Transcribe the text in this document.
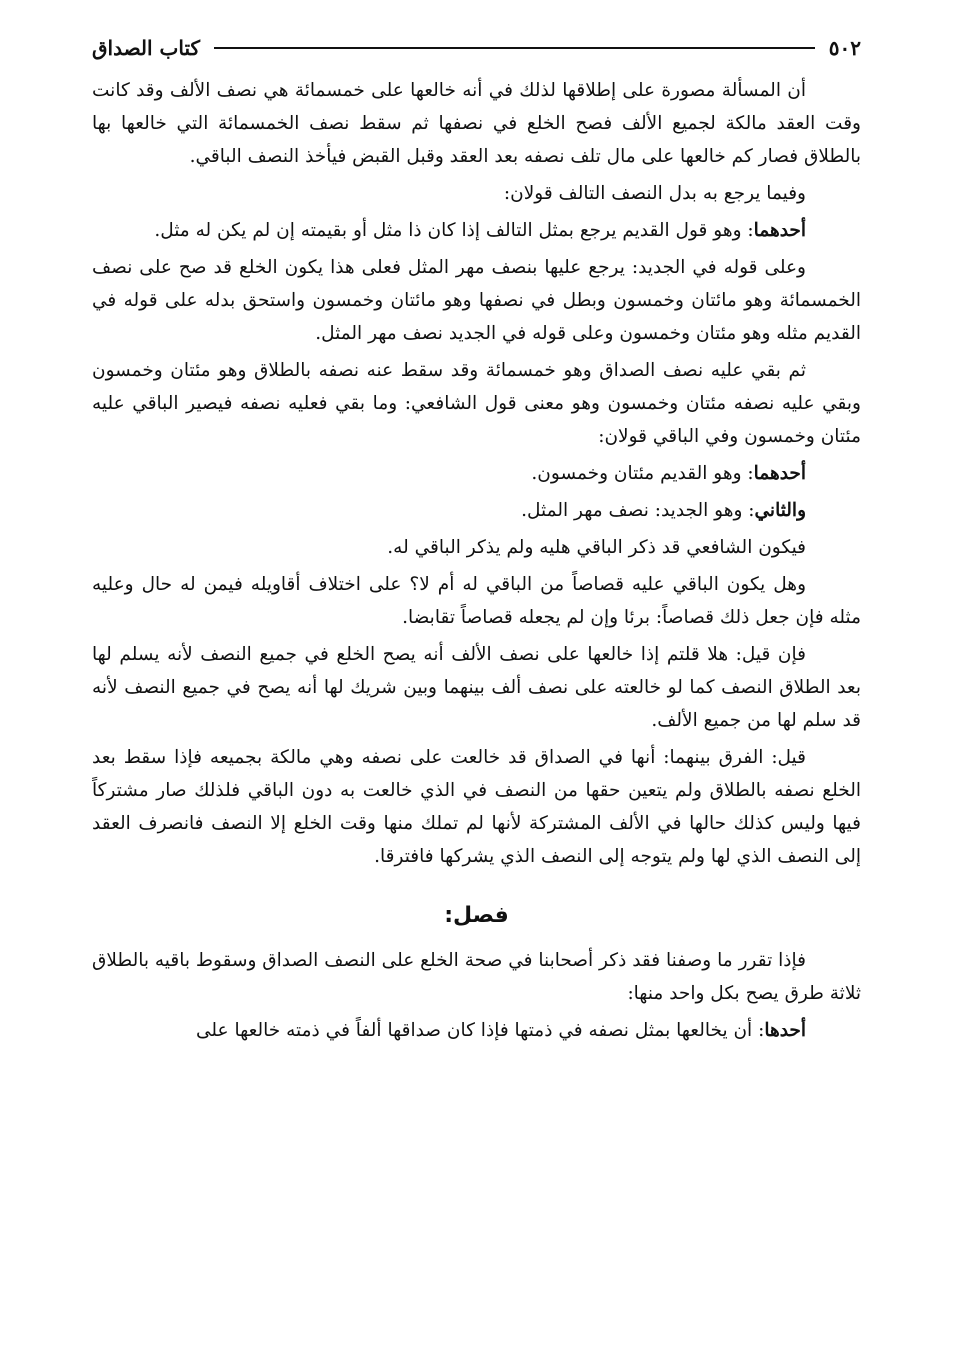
٥٠٢
كتاب الصداق

أن المسألة مصورة على إطلاقها لذلك في أنه خالعها على خمسمائة هي نصف الألف وقد كانت وقت العقد مالكة لجميع الألف فصح الخلع في نصفها ثم سقط نصف الخمسمائة التي خالعها بها بالطلاق فصار كم خالعها على مال تلف نصفه بعد العقد وقبل القبض فيأخذ النصف الباقي.

وفيما يرجع به بدل النصف التالف قولان:

أحدهما: وهو قول القديم يرجع بمثل التالف إذا كان ذا مثل أو بقيمته إن لم يكن له مثل.

وعلى قوله في الجديد: يرجع عليها بنصف مهر المثل فعلى هذا يكون الخلع قد صح على نصف الخمسمائة وهو مائتان وخمسون وبطل في نصفها وهو مائتان وخمسون واستحق بدله على قوله في القديم مثله وهو مئتان وخمسون وعلى قوله في الجديد نصف مهر المثل.

ثم بقي عليه نصف الصداق وهو خمسمائة وقد سقط عنه نصفه بالطلاق وهو مئتان وخمسون وبقي عليه نصفه مئتان وخمسون وهو معنى قول الشافعي: وما بقي فعليه نصفه فيصير الباقي عليه مئتان وخمسون وفي الباقي قولان:

أحدهما: وهو القديم مئتان وخمسون.

والثاني: وهو الجديد: نصف مهر المثل.

فيكون الشافعي قد ذكر الباقي هليه ولم يذكر الباقي له.

وهل يكون الباقي عليه قصاصاً من الباقي له أم لا؟ على اختلاف أقاويله فيمن له حال وعليه مثله فإن جعل ذلك قصاصاً: برئا وإن لم يجعله قصاصاً تقابضا.

فإن قيل: هلا قلتم إذا خالعها على نصف الألف أنه يصح الخلع في جميع النصف لأنه يسلم لها بعد الطلاق النصف كما لو خالعته على نصف ألف بينهما وبين شريك لها أنه يصح في جميع النصف لأنه قد سلم لها من جميع الألف.

قيل: الفرق بينهما: أنها في الصداق قد خالعت على نصفه وهي مالكة بجميعه فإذا سقط بعد الخلع نصفه بالطلاق ولم يتعين حقها من النصف في الذي خالعت به دون الباقي فلذلك صار مشتركاً فيها وليس كذلك حالها في الألف المشتركة لأنها لم تملك منها وقت الخلع إلا النصف فانصرف العقد إلى النصف الذي لها ولم يتوجه إلى النصف الذي يشركها فافترقا.

فصل:

فإذا تقرر ما وصفنا فقد ذكر أصحابنا في صحة الخلع على النصف الصداق وسقوط باقيه بالطلاق ثلاثة طرق يصح بكل واحد منها:

أحدها: أن يخالعها بمثل نصفه في ذمتها فإذا كان صداقها ألفاً في ذمته خالعها على
